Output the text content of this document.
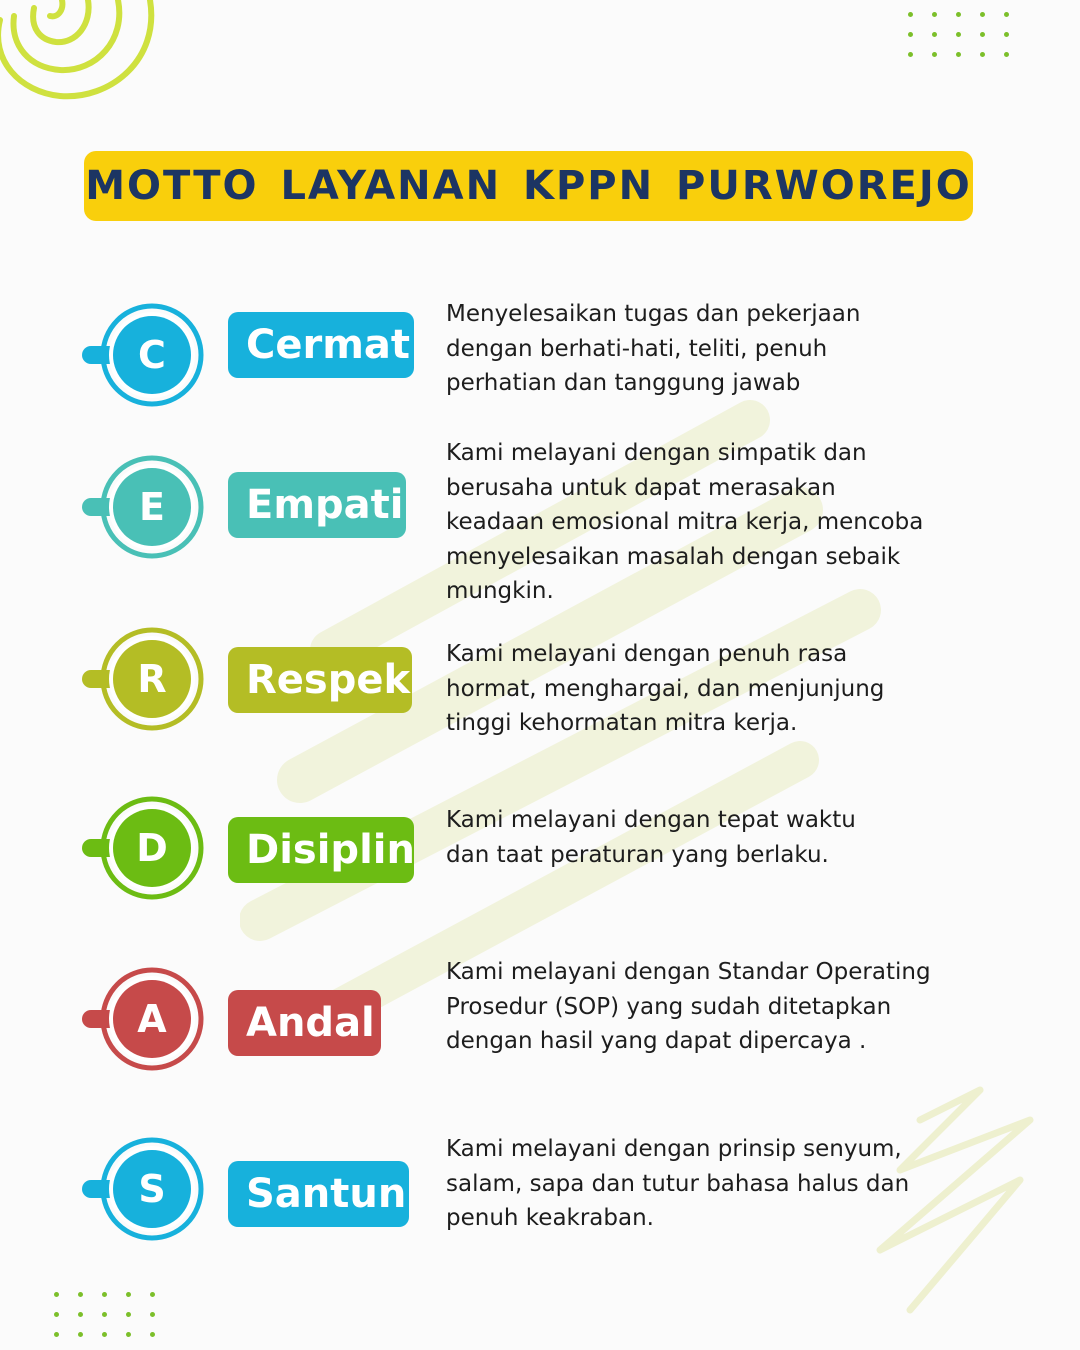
MOTTO LAYANAN KPPN PURWOREJO
C	Cermat
Menyelesaikan tugas dan pekerjaan
dengan berhati-hati, teliti, penuh
perhatian dan tanggung jawab
E	Empati
Kami melayani dengan simpatik dan
berusaha untuk dapat merasakan
keadaan emosional mitra kerja, mencoba
menyelesaikan masalah dengan sebaik
mungkin.
R	Respek
Kami melayani dengan penuh rasa
hormat, menghargai, dan menjunjung
tinggi kehormatan mitra kerja.
D	Disiplin
Kami melayani dengan tepat waktu
dan taat peraturan yang berlaku.
A	Andal
Kami melayani dengan Standar Operating
Prosedur (SOP) yang sudah ditetapkan
dengan hasil yang dapat dipercaya .
S	Santun
Kami melayani dengan prinsip senyum,
salam, sapa dan tutur bahasa halus dan
penuh keakraban.
